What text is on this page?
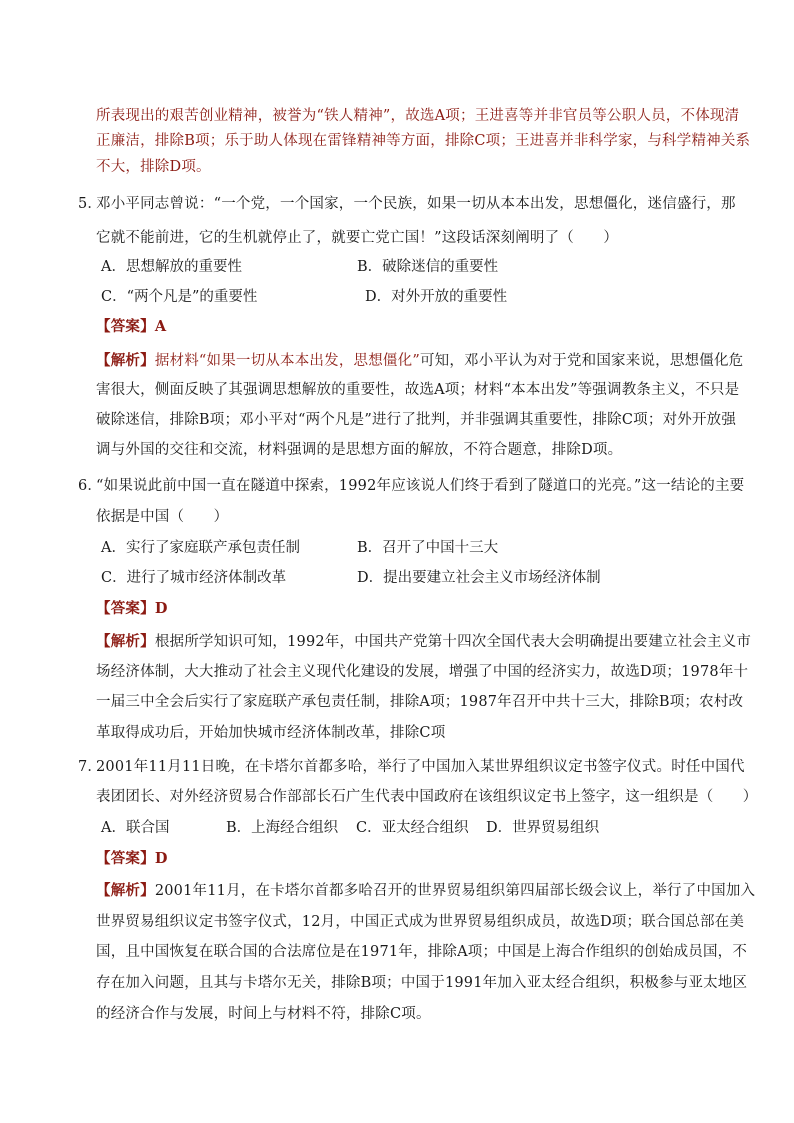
所表现出的艰苦创业精神，被誉为“铁人精神”，故选A项；王进喜等并非官员等公职人员，不体现清
正廉洁，排除B项；乐于助人体现在雷锋精神等方面，排除C项；王进喜并非科学家，与科学精神关系
不大，排除D项。
5．
邓小平同志曾说：“一个党，一个国家，一个民族，如果一切从本本出发，思想僵化，迷信盛行，那
它就不能前进，它的生机就停止了，就要亡党亡国！”这段话深刻阐明了（　　）
A．思想解放的重要性	B．破除迷信的重要性
C．“两个凡是”的重要性	D．对外开放的重要性
【答案】A
【解析】据材料“如果一切从本本出发，思想僵化”可知，邓小平认为对于党和国家来说，思想僵化危
害很大，侧面反映了其强调思想解放的重要性，故选A项；材料“本本出发”等强调教条主义，不只是
破除迷信，排除B项；邓小平对“两个凡是”进行了批判，并非强调其重要性，排除C项；对外开放强
调与外国的交往和交流，材料强调的是思想方面的解放，不符合题意，排除D项。
6．
“如果说此前中国一直在隧道中探索，1992年应该说人们终于看到了隧道口的光亮。”这一结论的主要
依据是中国（　　）
A．实行了家庭联产承包责任制	B．召开了中国十三大
C．进行了城市经济体制改革	D．提出要建立社会主义市场经济体制
【答案】D
【解析】根据所学知识可知，1992年，中国共产党第十四次全国代表大会明确提出要建立社会主义市
场经济体制，大大推动了社会主义现代化建设的发展，增强了中国的经济实力，故选D项；1978年十
一届三中全会后实行了家庭联产承包责任制，排除A项；1987年召开中共十三大，排除B项；农村改
革取得成功后，开始加快城市经济体制改革，排除C项
7．
2001年11月11日晚，在卡塔尔首都多哈，举行了中国加入某世界组织议定书签字仪式。时任中国代
表团团长、对外经济贸易合作部部长石广生代表中国政府在该组织议定书上签字，这一组织是（　　）
A．联合国	B．上海经合组织 C．亚太经合组织 D．世界贸易组织
【答案】D
【解析】2001年11月，在卡塔尔首都多哈召开的世界贸易组织第四届部长级会议上，举行了中国加入
世界贸易组织议定书签字仪式，12月，中国正式成为世界贸易组织成员，故选D项；联合国总部在美
国，且中国恢复在联合国的合法席位是在1971年，排除A项；中国是上海合作组织的创始成员国，不
存在加入问题，且其与卡塔尔无关，排除B项；中国于1991年加入亚太经合组织，积极参与亚太地区
的经济合作与发展，时间上与材料不符，排除C项。
